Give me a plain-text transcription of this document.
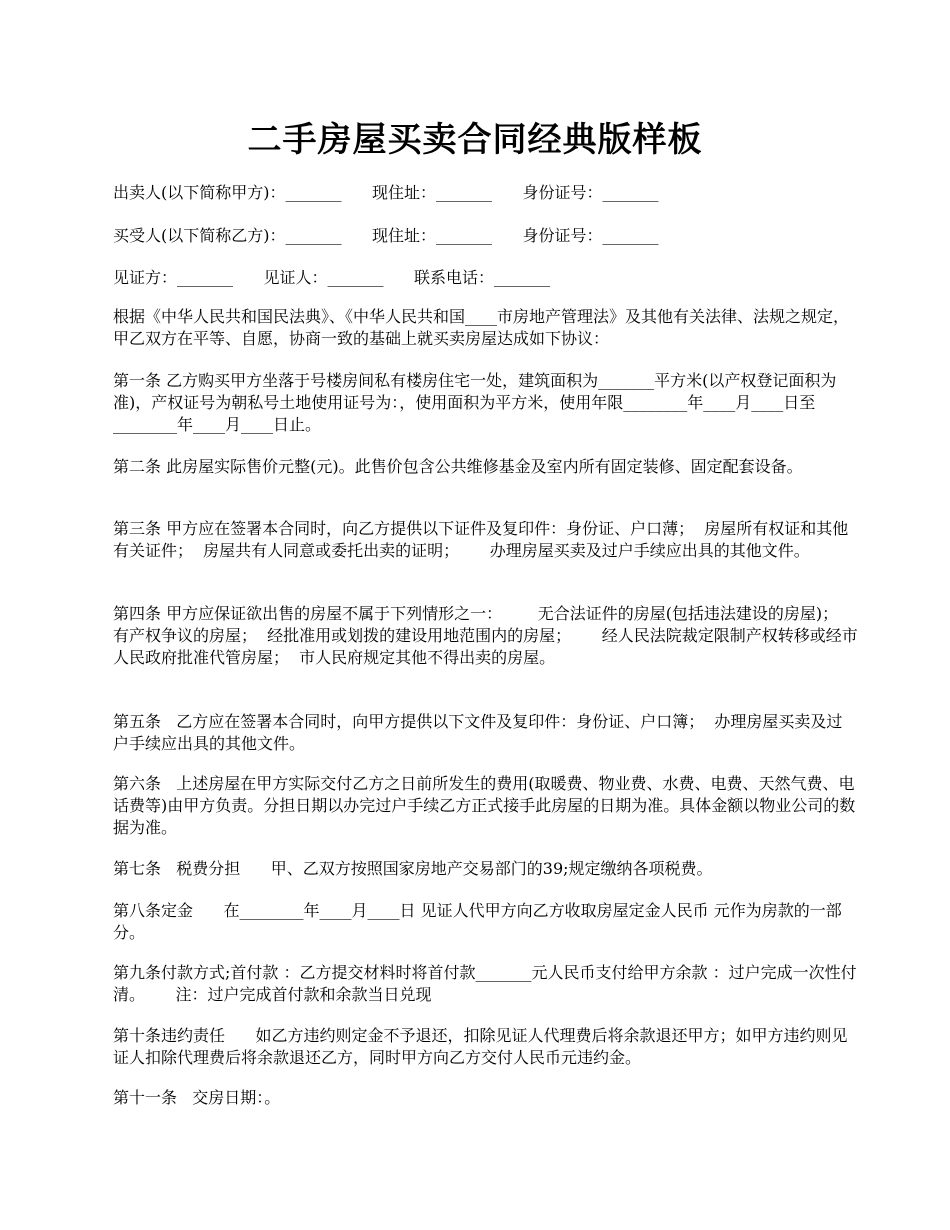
二手房屋买卖合同经典版样板
出卖人(以下简称甲方)：_______      现住址：_______      身份证号：_______
买受人(以下简称乙方)：_______      现住址：_______      身份证号：_______
见证方：_______      见证人：_______      联系电话：_______
根据《中华人民共和国民法典》、《中华人民共和国____市房地产管理法》及其他有关法律、法规之规定，甲乙双方在平等、自愿，协商一致的基础上就买卖房屋达成如下协议：
第一条 乙方购买甲方坐落于号楼房间私有楼房住宅一处，建筑面积为_______平方米(以产权登记面积为准)，产权证号为朝私号土地使用证号为：，使用面积为平方米，使用年限________年____月____日至________年____月____日止。
第二条 此房屋实际售价元整(元)。此售价包含公共维修基金及室内所有固定装修、固定配套设备。
第三条 甲方应在签署本合同时，向乙方提供以下证件及复印件：身份证、户口薄；  房屋所有权证和其他有关证件；  房屋共有人同意或委托出卖的证明；      办理房屋买卖及过户手续应出具的其他文件。
第四条 甲方应保证欲出售的房屋不属于下列情形之一：       无合法证件的房屋(包括违法建设的房屋)；  有产权争议的房屋；  经批准用或划拨的建设用地范围内的房屋；      经人民法院裁定限制产权转移或经市人民政府批准代管房屋；  市人民府规定其他不得出卖的房屋。
第五条   乙方应在签署本合同时，向甲方提供以下文件及复印件：身份证、户口簿；  办理房屋买卖及过户手续应出具的其他文件。
第六条   上述房屋在甲方实际交付乙方之日前所发生的费用(取暖费、物业费、水费、电费、天然气费、电话费等)由甲方负责。分担日期以办完过户手续乙方正式接手此房屋的日期为准。具体金额以物业公司的数据为准。
第七条   税费分担      甲、乙双方按照国家房地产交易部门的39;规定缴纳各项税费。
第八条定金      在________年____月____日 见证人代甲方向乙方收取房屋定金人民币 元作为房款的一部分。
第九条付款方式;首付款 ：乙方提交材料时将首付款_______元人民币支付给甲方余款 ：过户完成一次性付清。      注：过户完成首付款和余款当日兑现
第十条违约责任      如乙方违约则定金不予退还，扣除见证人代理费后将余款退还甲方；如甲方违约则见证人扣除代理费后将余款退还乙方，同时甲方向乙方交付人民币元违约金。
第十一条   交房日期：。
